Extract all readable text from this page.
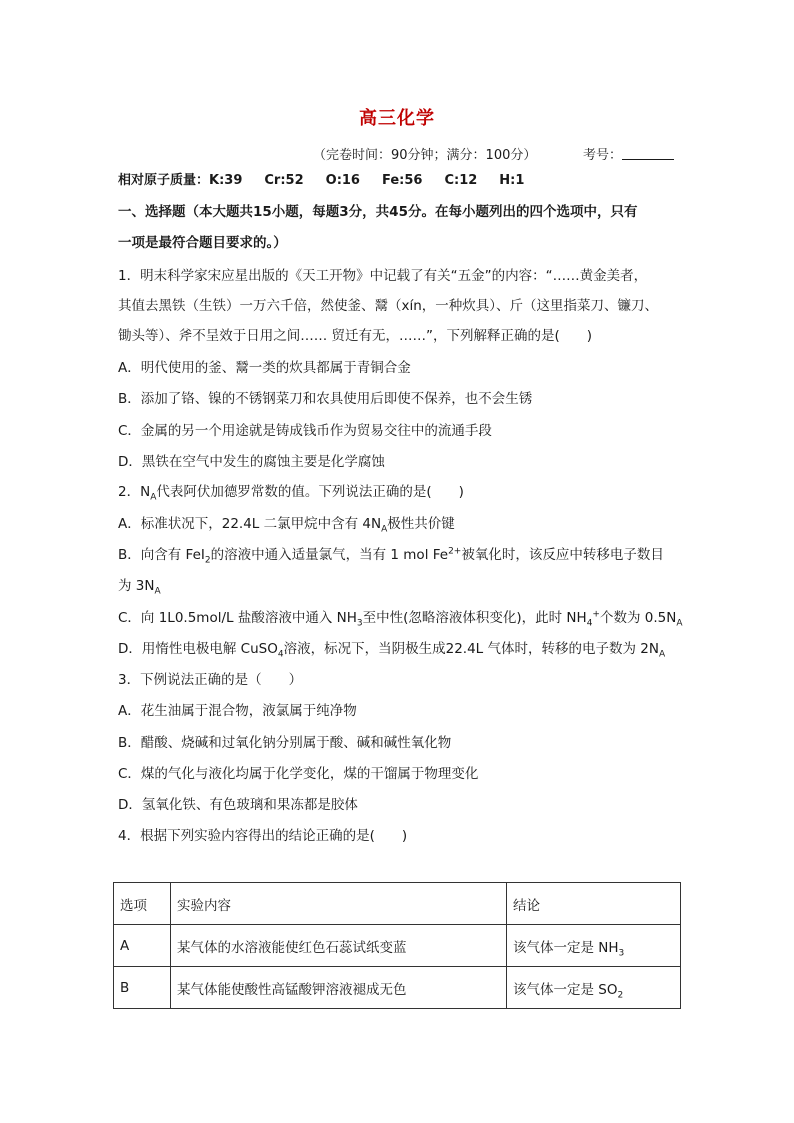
高三化学
（完卷时间：90分钟；满分：100分）	考号：
相对原子质量：K:39 Cr:52 O:16 Fe:56 C:12 H:1
一、选择题（本大题共15小题，每题3分，共45分。在每小题列出的四个选项中，只有
一项是最符合题目要求的。）
1．明末科学家宋应星出版的《天工开物》中记载了有关“五金”的内容：“……黄金美者，
其值去黑铁（生铁）一万六千倍，然使釜、鬵（xín，一种炊具）、斤（这里指菜刀、镰刀、
锄头等）、斧不呈效于日用之间…… 贸迁有无，……”，下列解释正确的是(　　)
A．明代使用的釜、鬵一类的炊具都属于青铜合金
B．添加了铬、镍的不锈钢菜刀和农具使用后即使不保养，也不会生锈
C．金属的另一个用途就是铸成钱币作为贸易交往中的流通手段
D．黑铁在空气中发生的腐蚀主要是化学腐蚀
2．$N_A$代表阿伏加德罗常数的值。下列说法正确的是(　　)
A．标准状况下，22.4L 二氯甲烷中含有 $4N_A$极性共价键
B．向含有 FeI$_2$的溶液中通入适量氯气，当有 1 mol $Fe^{2+}$被氧化时，该反应中转移电子数目
为 $3N_A$
C．向 1L0.5mol/L 盐酸溶液中通入 $NH_3$至中性(忽略溶液体积变化)，此时 $NH_4^+$个数为 $0.5N_A$
D．用惰性电极电解 CuSO$_4$溶液，标况下，当阴极生成22.4L 气体时，转移的电子数为 $2N_A$
3．下例说法正确的是（　　）
A．花生油属于混合物，液氯属于纯净物
B．醋酸、烧碱和过氧化钠分别属于酸、碱和碱性氧化物
C．煤的气化与液化均属于化学变化，煤的干馏属于物理变化
D．氢氧化铁、有色玻璃和果冻都是胶体
4．根据下列实验内容得出的结论正确的是(　　)
选项	实验内容	结论
A	某气体的水溶液能使红色石蕊试纸变蓝	该气体一定是 $NH_3$
B	某气体能使酸性高锰酸钾溶液褪成无色	该气体一定是 $SO_2$
